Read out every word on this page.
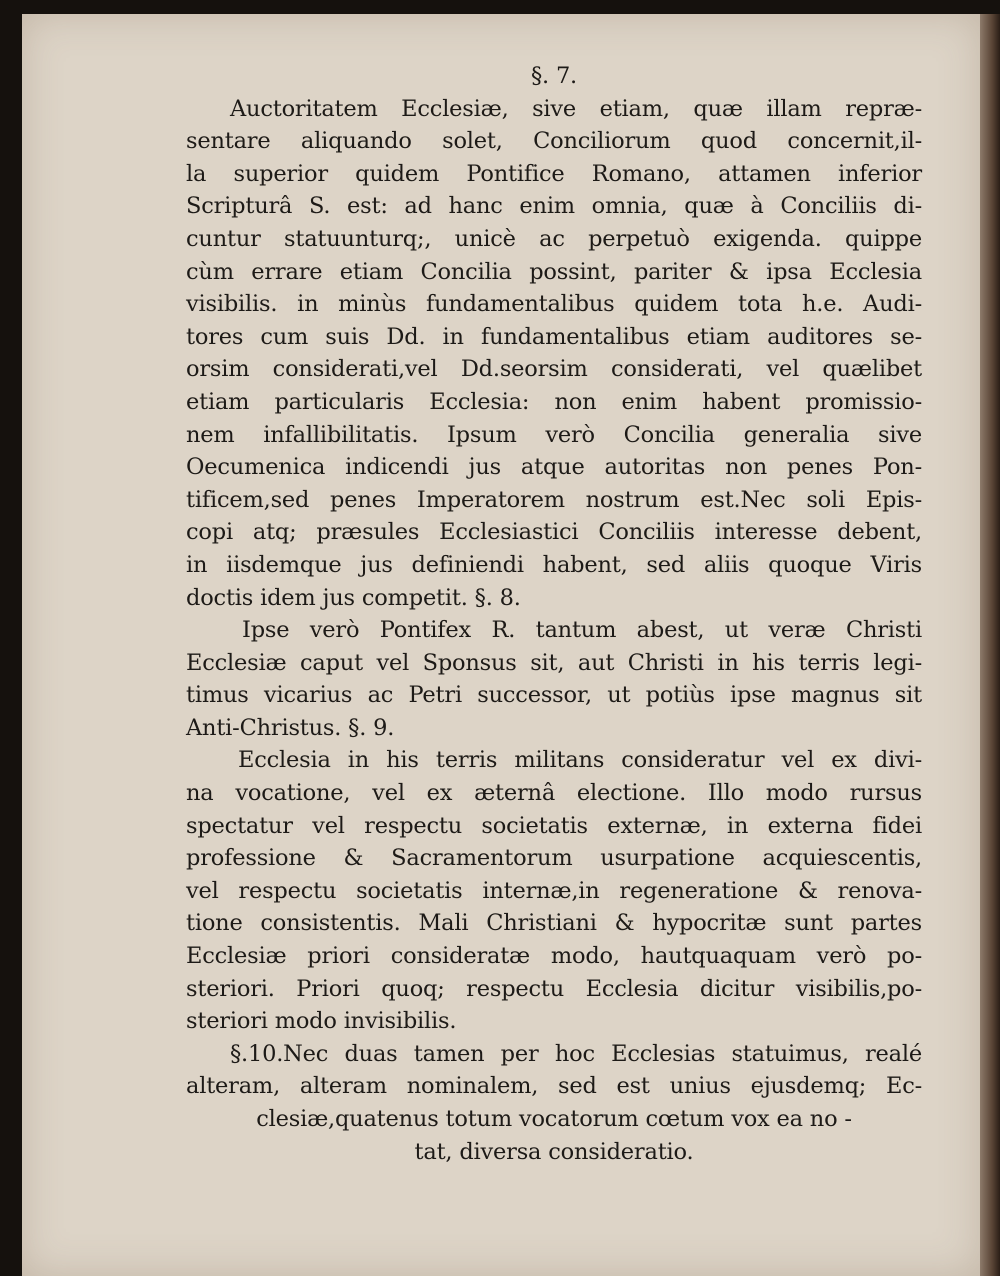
§. 7.
Auctoritatem Ecclesiæ, sive etiam, quæ illam repræ-
sentare aliquando solet, Conciliorum quod concernit,il-
la superior quidem Pontifice Romano, attamen inferior
Scripturâ S. est: ad hanc enim omnia, quæ à Conciliis di-
cuntur statuunturq;, unicè ac perpetuò exigenda. quippe
cùm errare etiam Concilia possint, pariter & ipsa Ecclesia
visibilis. in minùs fundamentalibus quidem tota h.e. Audi-
tores cum suis Dd. in fundamentalibus etiam auditores se-
orsim considerati,vel Dd.seorsim considerati, vel quælibet
etiam particularis Ecclesia: non enim habent promissio-
nem infallibilitatis. Ipsum verò Concilia generalia sive
Oecumenica indicendi jus atque autoritas non penes Pon-
tificem,sed penes Imperatorem nostrum est.Nec soli Epis-
copi atq; præsules Ecclesiastici Conciliis interesse debent,
in iisdemque jus definiendi habent, sed aliis quoque Viris
doctis idem jus competit. §. 8.
Ipse verò Pontifex R. tantum abest, ut veræ Christi
Ecclesiæ caput vel Sponsus sit, aut Christi in his terris legi-
timus vicarius ac Petri successor, ut potiùs ipse magnus sit
Anti-Christus. §. 9.
Ecclesia in his terris militans consideratur vel ex divi-
na vocatione, vel ex æternâ electione. Illo modo rursus
spectatur vel respectu societatis externæ, in externa fidei
professione & Sacramentorum usurpatione acquiescentis,
vel respectu societatis internæ,in regeneratione & renova-
tione consistentis. Mali Christiani & hypocritæ sunt partes
Ecclesiæ priori consideratæ modo, hautquaquam verò po-
steriori. Priori quoq; respectu Ecclesia dicitur visibilis,po-
steriori modo invisibilis.
§.10.Nec duas tamen per hoc Ecclesias statuimus, realé
alteram, alteram nominalem, sed est unius ejusdemq; Ec-
clesiæ,quatenus totum vocatorum cœtum vox ea no -
tat, diversa consideratio.
